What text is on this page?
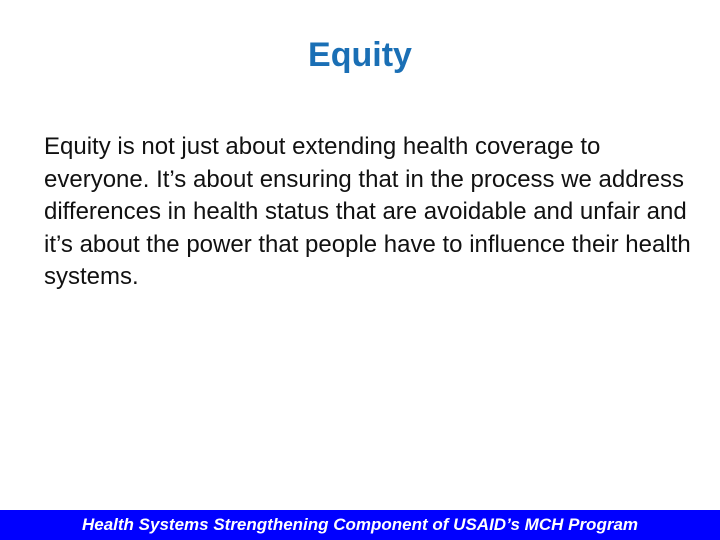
Equity

Equity is not just about extending health coverage to everyone. It’s about ensuring that in the process we address differences in health status that are avoidable and unfair and it’s about the power that people have to influence their health systems.

Health Systems Strengthening Component of USAID’s MCH Program
